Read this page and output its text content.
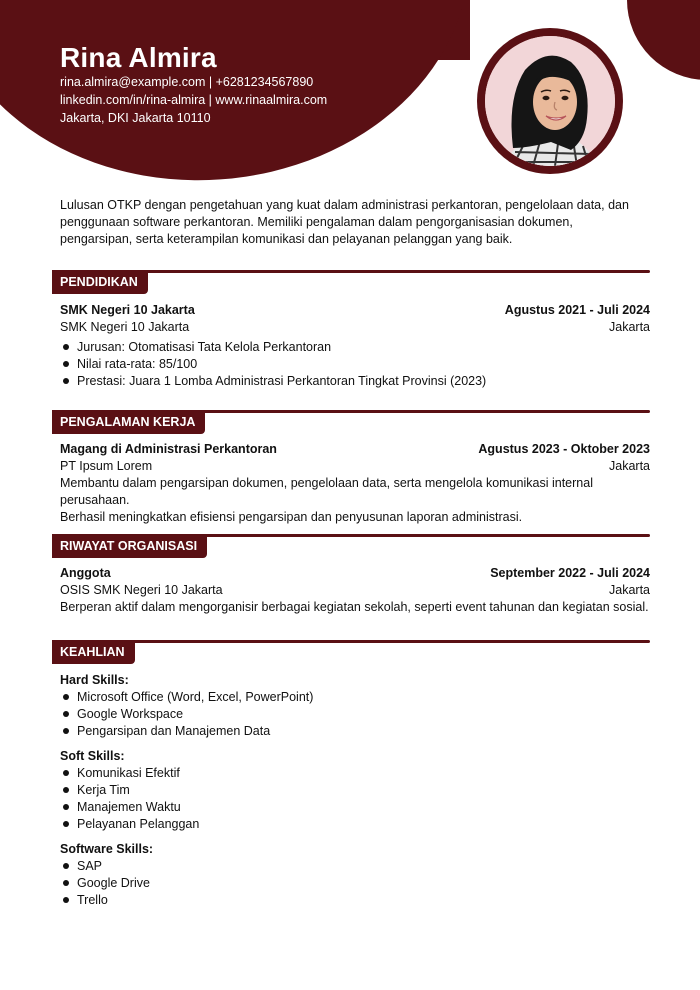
Rina Almira
rina.almira@example.com | +6281234567890
linkedin.com/in/rina-almira | www.rinaalmira.com
Jakarta, DKI Jakarta 10110

Lulusan OTKP dengan pengetahuan yang kuat dalam administrasi perkantoran, pengelolaan data, dan penggunaan software perkantoran. Memiliki pengalaman dalam pengorganisasian dokumen, pengarsipan, serta keterampilan komunikasi dan pelayanan pelanggan yang baik.

PENDIDIKAN
SMK Negeri 10 Jakarta	Agustus 2021 - Juli 2024
SMK Negeri 10 Jakarta	Jakarta
Jurusan: Otomatisasi Tata Kelola Perkantoran
Nilai rata-rata: 85/100
Prestasi: Juara 1 Lomba Administrasi Perkantoran Tingkat Provinsi (2023)
PENGALAMAN KERJA
Magang di Administrasi Perkantoran	Agustus 2023 - Oktober 2023
PT Ipsum Lorem	Jakarta

Membantu dalam pengarsipan dokumen, pengelolaan data, serta mengelola komunikasi internal perusahaan.

Berhasil meningkatkan efisiensi pengarsipan dan penyusunan laporan administrasi.

RIWAYAT ORGANISASI
Anggota	September 2022 - Juli 2024
OSIS SMK Negeri 10 Jakarta	Jakarta

Berperan aktif dalam mengorganisir berbagai kegiatan sekolah, seperti event tahunan dan kegiatan sosial.

KEAHLIAN
Hard Skills:
Microsoft Office (Word, Excel, PowerPoint)
Google Workspace
Pengarsipan dan Manajemen Data
Soft Skills:
Komunikasi Efektif
Kerja Tim
Manajemen Waktu
Pelayanan Pelanggan
Software Skills:
SAP
Google Drive
Trello
